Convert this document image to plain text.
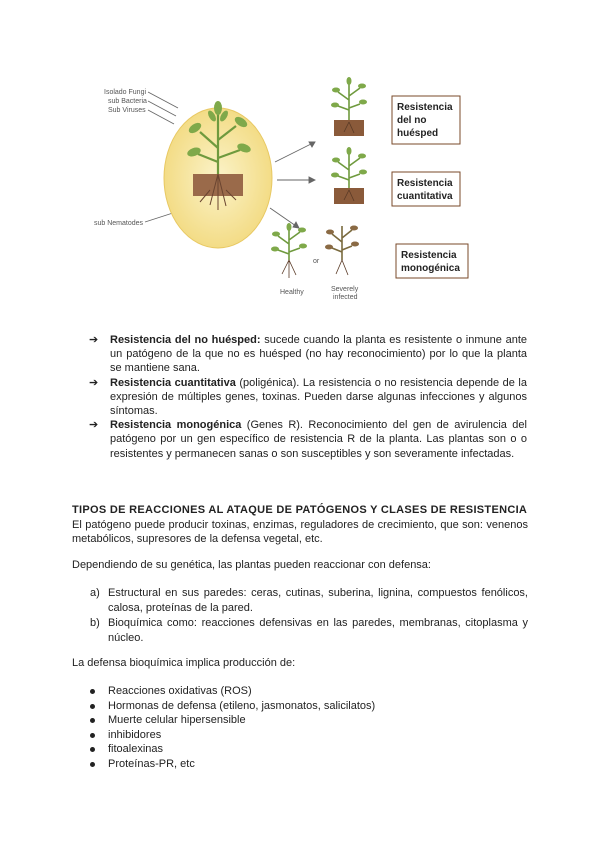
Isolado Fungi
sub Bacteria
Sub Viruses
sub Nematodes
or
Healthy	Severely
infected
Resistencia
del no
huésped
Resistencia
cuantitativa
Resistencia
monogénica
➔ Resistencia del no huésped: sucede cuando la planta es resistente o inmune ante un patógeno de la que no es huésped (no hay reconocimiento) por lo que la planta se mantiene sana.
➔ Resistencia cuantitativa (poligénica). La resistencia o no resistencia depende de la expresión de múltiples genes, toxinas. Pueden darse algunas infecciones y algunos síntomas.
➔ Resistencia monogénica (Genes R). Reconocimiento del gen de avirulencia del patógeno por un gen específico de resistencia R de la planta. Las plantas son o o resistentes y permanecen sanas o son susceptibles y son severamente infectadas.
TIPOS DE REACCIONES AL ATAQUE DE PATÓGENOS Y CLASES DE RESISTENCIA
El patógeno puede producir toxinas, enzimas, reguladores de crecimiento, que son: venenos metabólicos, supresores de la defensa vegetal, etc.
Dependiendo de su genética, las plantas pueden reaccionar con defensa:
a) Estructural en sus paredes: ceras, cutinas, suberina, lignina, compuestos fenólicos, calosa, proteínas de la pared.
b) Bioquímica como: reacciones defensivas en las paredes, membranas, citoplasma y núcleo.
La defensa bioquímica implica producción de:
Reacciones oxidativas (ROS)
Hormonas de defensa (etileno, jasmonatos, salicilatos)
Muerte celular hipersensible
inhibidores
fitoalexinas
Proteínas-PR, etc
